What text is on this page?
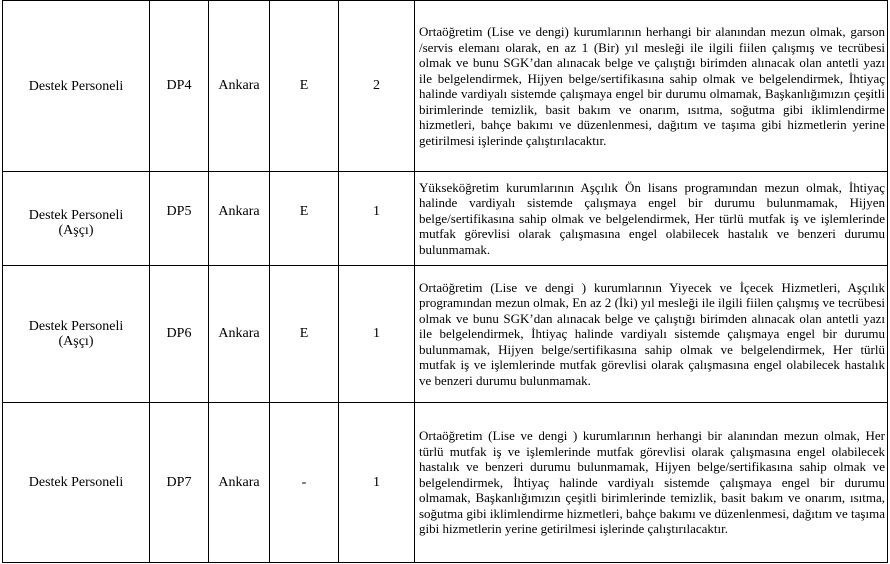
Destek Personeli	DP4	Ankara	E	2	Ortaöğretim (Lise ve dengi) kurumlarının herhangi bir alanından mezun olmak, garson /servis elemanı olarak, en az 1 (Bir) yıl mesleği ile ilgili fiilen çalışmış ve tecrübesi olmak ve bunu SGK’dan alınacak belge ve çalıştığı birimden alınacak olan antetli yazı ile belgelendirmek, Hijyen belge/sertifikasına sahip olmak ve belgelendirmek, İhtiyaç halinde vardiyalı sistemde çalışmaya engel bir durumu olmamak, Başkanlığımızın çeşitli birimlerinde temizlik, basit bakım ve onarım, ısıtma, soğutma gibi iklimlendirme hizmetleri, bahçe bakımı ve düzenlenmesi, dağıtım ve taşıma gibi hizmetlerin yerine getirilmesi işlerinde çalıştırılacaktır.

Destek Personeli
(Aşçı)	DP5	Ankara	E	1	Yükseköğretim kurumlarının Aşçılık Ön lisans programından mezun olmak, İhtiyaç halinde vardiyalı sistemde çalışmaya engel bir durumu bulunmamak, Hijyen belge/sertifikasına sahip olmak ve belgelendirmek, Her türlü mutfak iş ve işlemlerinde mutfak görevlisi olarak çalışmasına engel olabilecek hastalık ve benzeri durumu bulunmamak.

Destek Personeli
(Aşçı)	DP6	Ankara	E	1	Ortaöğretim (Lise ve dengi ) kurumlarının Yiyecek ve İçecek Hizmetleri, Aşçılık programından mezun olmak, En az 2 (İki) yıl mesleği ile ilgili fiilen çalışmış ve tecrübesi olmak ve bunu SGK’dan alınacak belge ve çalıştığı birimden alınacak olan antetli yazı ile belgelendirmek, İhtiyaç halinde vardiyalı sistemde çalışmaya engel bir durumu bulunmamak, Hijyen belge/sertifikasına sahip olmak ve belgelendirmek, Her türlü mutfak iş ve işlemlerinde mutfak görevlisi olarak çalışmasına engel olabilecek hastalık ve benzeri durumu bulunmamak.
Destek Personeli	DP7	Ankara	-	1	Ortaöğretim (Lise ve dengi ) kurumlarının herhangi bir alanından mezun olmak, Her türlü mutfak iş ve işlemlerinde mutfak görevlisi olarak çalışmasına engel olabilecek hastalık ve benzeri durumu bulunmamak, Hijyen belge/sertifikasına sahip olmak ve belgelendirmek, İhtiyaç halinde vardiyalı sistemde çalışmaya engel bir durumu olmamak, Başkanlığımızın çeşitli birimlerinde temizlik, basit bakım ve onarım, ısıtma, soğutma gibi iklimlendirme hizmetleri, bahçe bakımı ve düzenlenmesi, dağıtım ve taşıma gibi hizmetlerin yerine getirilmesi işlerinde çalıştırılacaktır.
